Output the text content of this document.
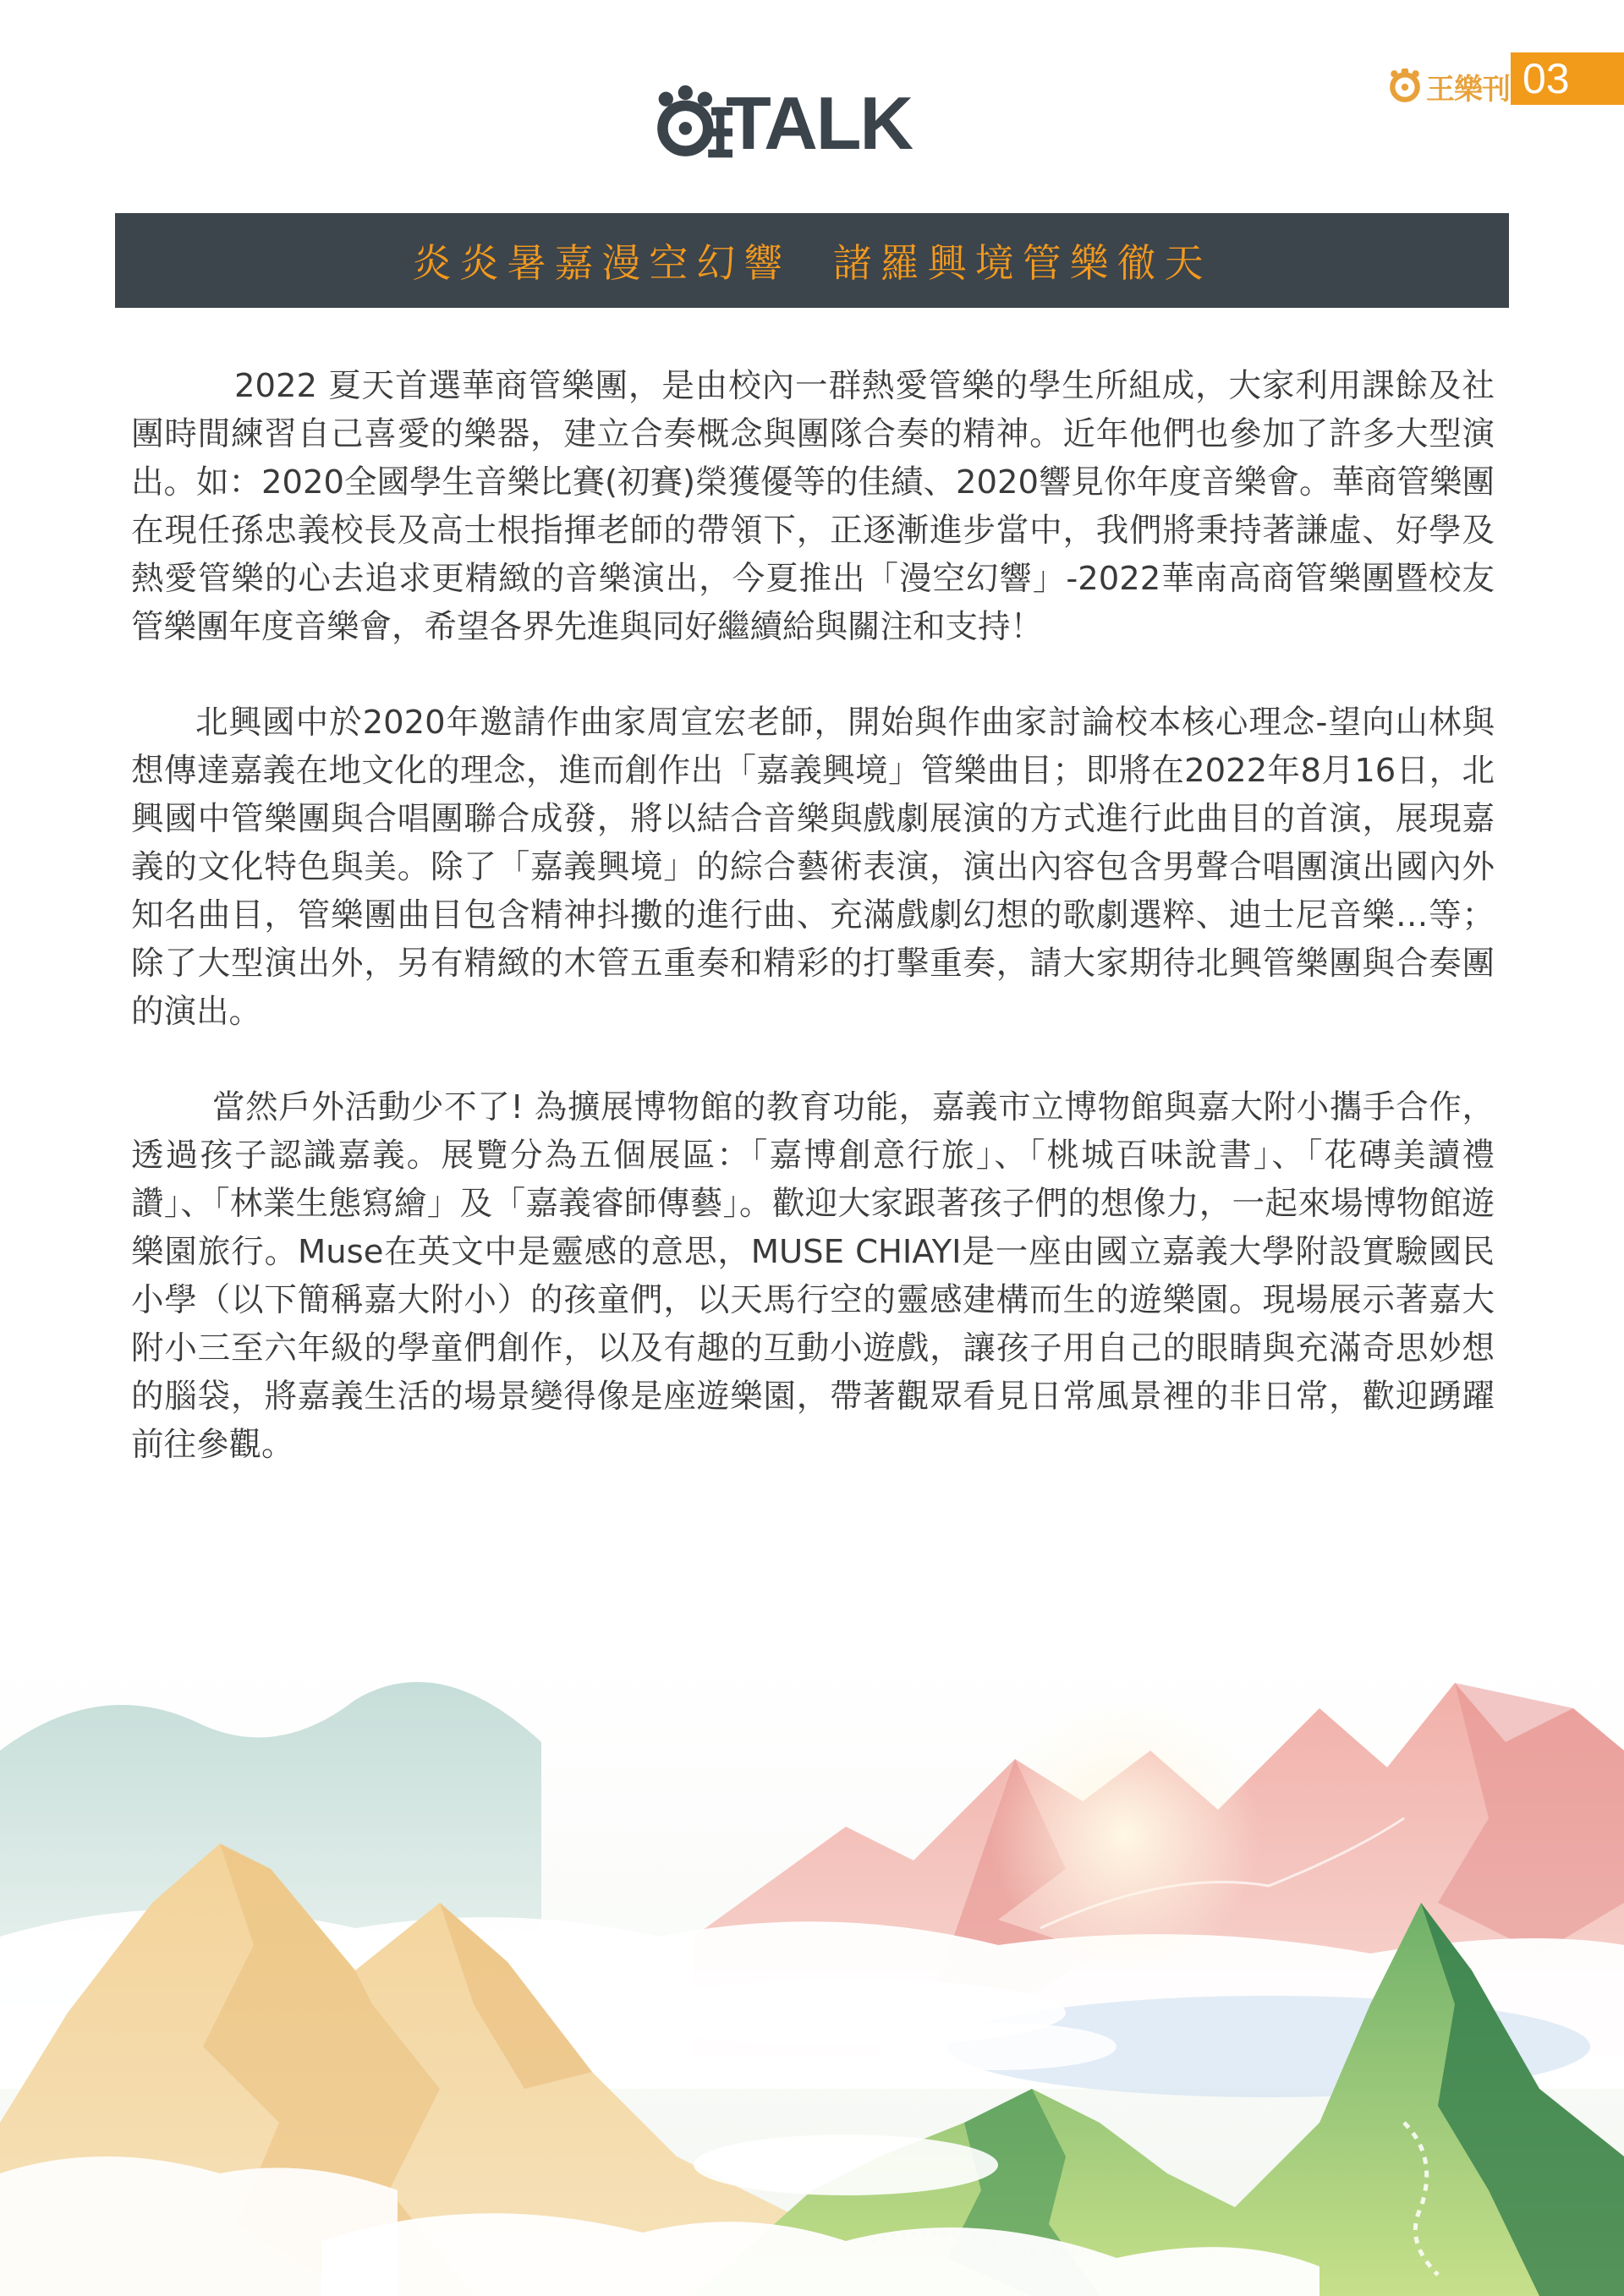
王樂刊 03
TALK
炎炎暑嘉漫空幻響  諸羅興境管樂徹天

2022 夏天首選華商管樂團，是由校內一群熱愛管樂的學生所組成，大家利用課餘及社團時間練習自己喜愛的樂器，建立合奏概念與團隊合奏的精神。近年他們也參加了許多大型演出。如：2020全國學生音樂比賽(初賽)榮獲優等的佳績、2020響見你年度音樂會。華商管樂團在現任孫忠義校長及高士根指揮老師的帶領下，正逐漸進步當中，我們將秉持著謙虛、好學及熱愛管樂的心去追求更精緻的音樂演出，今夏推出「漫空幻響」-2022華南高商管樂團暨校友管樂團年度音樂會，希望各界先進與同好繼續給與關注和支持！

北興國中於2020年邀請作曲家周宣宏老師，開始與作曲家討論校本核心理念-望向山林與想傳達嘉義在地文化的理念，進而創作出「嘉義興境」管樂曲目；即將在2022年8月16日，北興國中管樂團與合唱團聯合成發，將以結合音樂與戲劇展演的方式進行此曲目的首演，展現嘉義的文化特色與美。除了「嘉義興境」的綜合藝術表演，演出內容包含男聲合唱團演出國內外知名曲目，管樂團曲目包含精神抖擻的進行曲、充滿戲劇幻想的歌劇選粹、迪士尼音樂…等；除了大型演出外，另有精緻的木管五重奏和精彩的打擊重奏，請大家期待北興管樂團與合奏團的演出。

當然戶外活動少不了! 為擴展博物館的教育功能，嘉義市立博物館與嘉大附小攜手合作，透過孩子認識嘉義。展覽分為五個展區：「嘉博創意行旅」、「桃城百味說書」、「花磚美讀禮讚」、「林業生態寫繪」及「嘉義睿師傳藝」。歡迎大家跟著孩子們的想像力，一起來場博物館遊樂園旅行。Muse在英文中是靈感的意思，MUSE CHIAYI是一座由國立嘉義大學附設實驗國民小學（以下簡稱嘉大附小）的孩童們，以天馬行空的靈感建構而生的遊樂園。現場展示著嘉大附小三至六年級的學童們創作，以及有趣的互動小遊戲，讓孩子用自己的眼睛與充滿奇思妙想的腦袋，將嘉義生活的場景變得像是座遊樂園，帶著觀眾看見日常風景裡的非日常，歡迎踴躍前往參觀。
